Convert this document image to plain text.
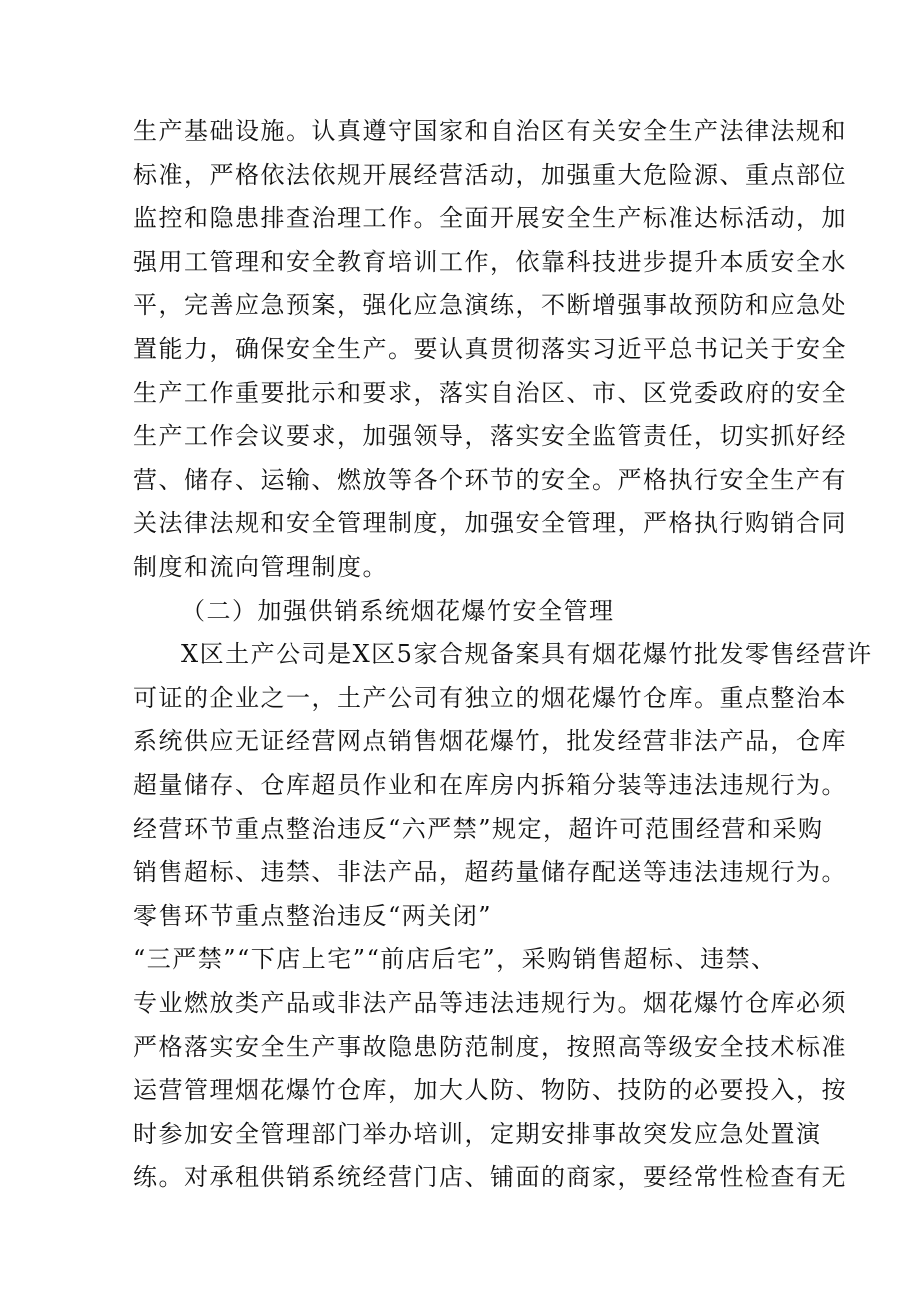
生产基础设施。认真遵守国家和自治区有关安全生产法律法规和
标准，严格依法依规开展经营活动，加强重大危险源、重点部位
监控和隐患排查治理工作。全面开展安全生产标准达标活动，加
强用工管理和安全教育培训工作，依靠科技进步提升本质安全水
平，完善应急预案，强化应急演练，不断增强事故预防和应急处
置能力，确保安全生产。要认真贯彻落实习近平总书记关于安全
生产工作重要批示和要求，落实自治区、市、区党委政府的安全
生产工作会议要求，加强领导，落实安全监管责任，切实抓好经
营、储存、运输、燃放等各个环节的安全。严格执行安全生产有
关法律法规和安全管理制度，加强安全管理，严格执行购销合同
制度和流向管理制度。
（二）加强供销系统烟花爆竹安全管理
X区土产公司是X区5家合规备案具有烟花爆竹批发零售经营许
可证的企业之一，土产公司有独立的烟花爆竹仓库。重点整治本
系统供应无证经营网点销售烟花爆竹，批发经营非法产品，仓库
超量储存、仓库超员作业和在库房内拆箱分装等违法违规行为。
经营环节重点整治违反“六严禁”规定，超许可范围经营和采购
销售超标、违禁、非法产品，超药量储存配送等违法违规行为。
零售环节重点整治违反“两关闭”
“三严禁”“下店上宅”“前店后宅”，采购销售超标、违禁、
专业燃放类产品或非法产品等违法违规行为。烟花爆竹仓库必须
严格落实安全生产事故隐患防范制度，按照高等级安全技术标准
运营管理烟花爆竹仓库，加大人防、物防、技防的必要投入，按
时参加安全管理部门举办培训，定期安排事故突发应急处置演
练。对承租供销系统经营门店、铺面的商家，要经常性检查有无
